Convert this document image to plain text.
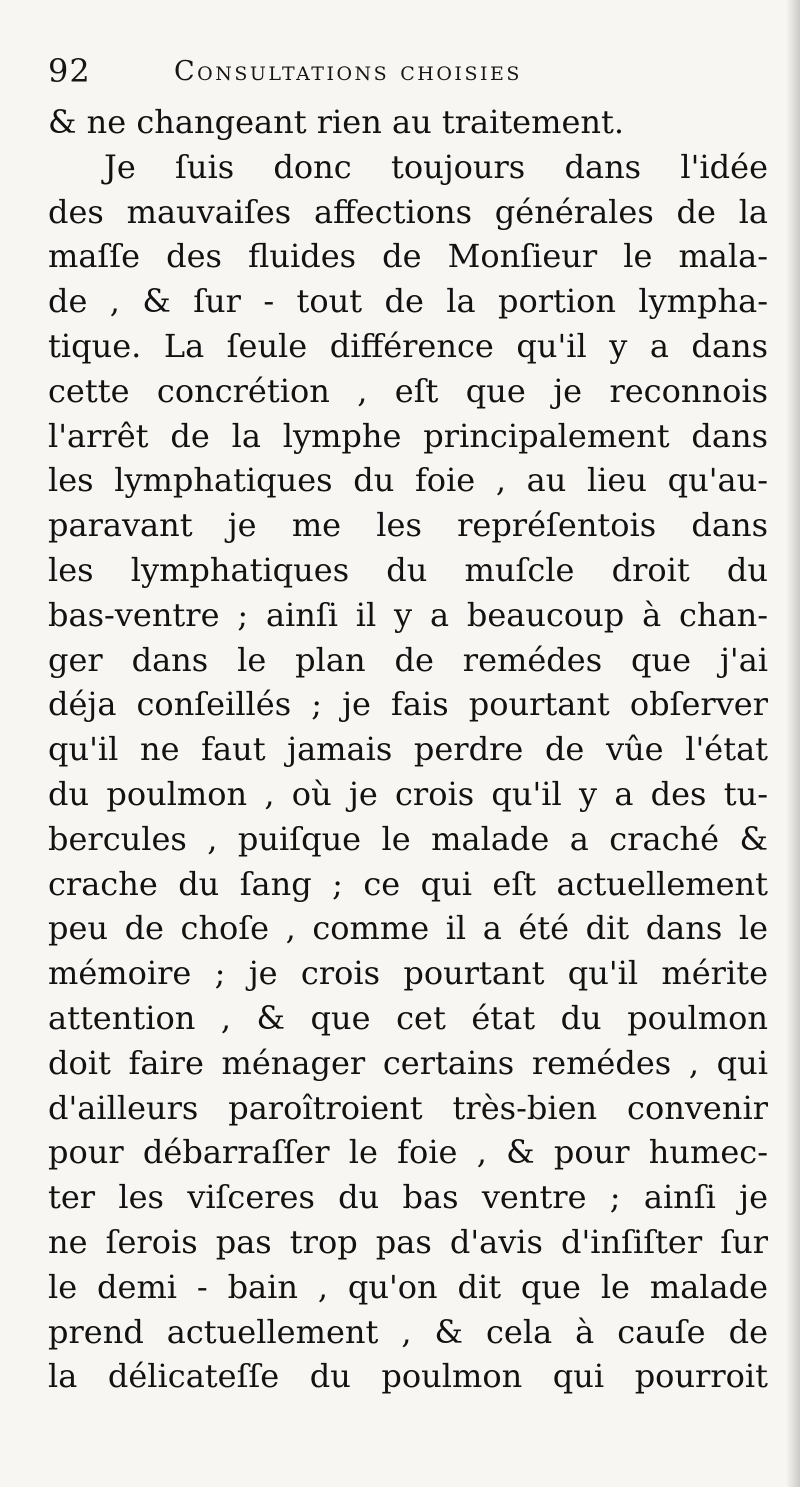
92	Consultations choisies
& ne changeant rien au traitement.
Je ſuis donc toujours dans l'idée
des mauvaiſes affections générales de la
maſſe des fluides de Monſieur le mala-
de , & ſur - tout de la portion lympha-
tique. La ſeule différence qu'il y a dans
cette concrétion , eſt que je reconnois
l'arrêt de la lymphe principalement dans
les lymphatiques du foie , au lieu qu'au-
paravant je me les repréſentois dans
les lymphatiques du muſcle droit du
bas-ventre ; ainſi il y a beaucoup à chan-
ger dans le plan de remédes que j'ai
déja conſeillés ; je fais pourtant obſerver
qu'il ne faut jamais perdre de vûe l'état
du poulmon , où je crois qu'il y a des tu-
bercules , puiſque le malade a craché &
crache du ſang ; ce qui eſt actuellement
peu de choſe , comme il a été dit dans le
mémoire ; je crois pourtant qu'il mérite
attention , & que cet état du poulmon
doit faire ménager certains remédes , qui
d'ailleurs paroîtroient très-bien convenir
pour débarraſſer le foie , & pour humec-
ter les viſceres du bas ventre ; ainſi je
ne ſerois pas trop pas d'avis d'inſiſter ſur
le demi - bain , qu'on dit que le malade
prend actuellement , & cela à cauſe de
la délicateſſe du poulmon qui pourroit
